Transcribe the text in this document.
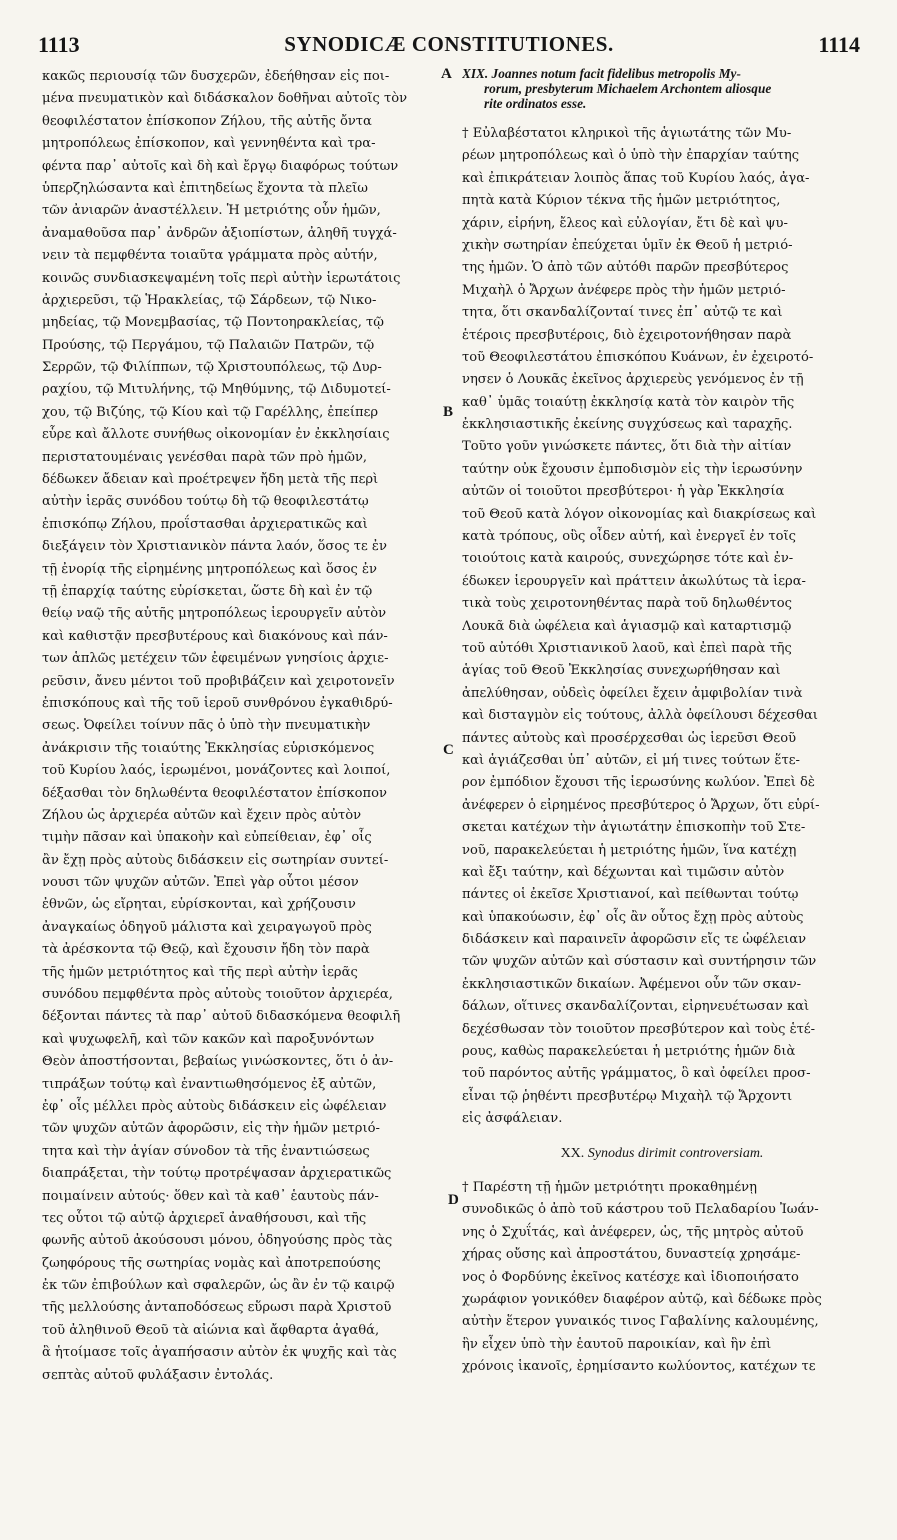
1113	SYNODICÆ CONSTITUTIONES.	1114
κακῶς περιουσίᾳ τῶν δυσχερῶν, ἐδεήθησαν εἰς ποι-
μένα πνευματικὸν καὶ διδάσκαλον δοθῆναι αὐτοῖς τὸν
θεοφιλέστατον ἐπίσκοπον Ζήλου, τῆς αὐτῆς ὄντα
μητροπόλεως ἐπίσκοπον, καὶ γεννηθέντα καὶ τρα-
φέντα παρ᾽ αὐτοῖς καὶ δὴ καὶ ἔργῳ διαφόρως τούτων
ὑπερζηλώσαντα καὶ ἐπιτηδείως ἔχοντα τὰ πλεῖω
τῶν ἀνιαρῶν ἀναστέλλειν. Ἡ μετριότης οὖν ἡμῶν,
ἀναμαθοῦσα παρ᾽ ἀνδρῶν ἀξιοπίστων, ἀληθῆ τυγχά-
νειν τὰ πεμφθέντα τοιαῦτα γράμματα πρὸς αὐτήν,
κοινῶς συνδιασκεψαμένη τοῖς περὶ αὐτὴν ἱερωτάτοις
ἀρχιερεῦσι, τῷ Ἡρακλείας, τῷ Σάρδεων, τῷ Νικο-
μηδείας, τῷ Μονεμβασίας, τῷ Ποντοηρακλείας, τῷ
Προύσης, τῷ Περγάμου, τῷ Παλαιῶν Πατρῶν, τῷ
Σερρῶν, τῷ Φιλίππων, τῷ Χριστουπόλεως, τῷ Δυρ-
ραχίου, τῷ Μιτυλήνης, τῷ Μηθύμνης, τῷ Διδυμοτεί-
χου, τῷ Βιζύης, τῷ Κίου καὶ τῷ Γαρέλλης, ἐπείπερ
εὗρε καὶ ἄλλοτε συνήθως οἰκονομίαν ἐν ἐκκλησίαις
περιστατουμέναις γενέσθαι παρὰ τῶν πρὸ ἡμῶν,
δέδωκεν ἄδειαν καὶ προέτρεψεν ἤδη μετὰ τῆς περὶ
αὐτὴν ἱερᾶς συνόδου τούτῳ δὴ τῷ θεοφιλεστάτῳ
ἐπισκόπῳ Ζήλου, προΐστασθαι ἀρχιερατικῶς καὶ
διεξάγειν τὸν Χριστιανικὸν πάντα λαόν, ὅσος τε ἐν
τῇ ἐνορίᾳ τῆς εἰρημένης μητροπόλεως καὶ ὅσος ἐν
τῇ ἐπαρχίᾳ ταύτης εὑρίσκεται, ὥστε δὴ καὶ ἐν τῷ
θείῳ ναῷ τῆς αὐτῆς μητροπόλεως ἱερουργεῖν αὐτὸν
καὶ καθιστᾷν πρεσβυτέρους καὶ διακόνους καὶ πάν-
των ἁπλῶς μετέχειν τῶν ἐφειμένων γνησίοις ἀρχιε-
ρεῦσιν, ἄνευ μέντοι τοῦ προβιβάζειν καὶ χειροτονεῖν
ἐπισκόπους καὶ τῆς τοῦ ἱεροῦ συνθρόνου ἐγκαθιδρύ-
σεως. Ὀφείλει τοίνυν πᾶς ὁ ὑπὸ τὴν πνευματικὴν
ἀνάκρισιν τῆς τοιαύτης Ἐκκλησίας εὑρισκόμενος
τοῦ Κυρίου λαός, ἱερωμένοι, μονάζοντες καὶ λοιποί,
δέξασθαι τὸν δηλωθέντα θεοφιλέστατον ἐπίσκοπον
Ζήλου ὡς ἀρχιερέα αὐτῶν καὶ ἔχειν πρὸς αὐτὸν
τιμὴν πᾶσαν καὶ ὑπακοὴν καὶ εὐπείθειαν, ἐφ᾽ οἷς
ἂν ἔχῃ πρὸς αὐτοὺς διδάσκειν εἰς σωτηρίαν συντεί-
νουσι τῶν ψυχῶν αὐτῶν. Ἐπεὶ γὰρ οὗτοι μέσον
ἐθνῶν, ὡς εἴρηται, εὑρίσκονται, καὶ χρήζουσιν
ἀναγκαίως ὁδηγοῦ μάλιστα καὶ χειραγωγοῦ πρὸς
τὰ ἀρέσκοντα τῷ Θεῷ, καὶ ἔχουσιν ἤδη τὸν παρὰ
τῆς ἡμῶν μετριότητος καὶ τῆς περὶ αὐτὴν ἱερᾶς
συνόδου πεμφθέντα πρὸς αὐτοὺς τοιοῦτον ἀρχιερέα,
δέξονται πάντες τὰ παρ᾽ αὐτοῦ διδασκόμενα θεοφιλῆ
καὶ ψυχωφελῆ, καὶ τῶν κακῶν καὶ παροξυνόντων
Θεὸν ἀποστήσονται, βεβαίως γινώσκοντες, ὅτι ὁ ἀν-
τιπράξων τούτῳ καὶ ἐναντιωθησόμενος ἐξ αὐτῶν,
ἐφ᾽ οἷς μέλλει πρὸς αὐτοὺς διδάσκειν εἰς ὠφέλειαν
τῶν ψυχῶν αὐτῶν ἀφορῶσιν, εἰς τὴν ἡμῶν μετριό-
τητα καὶ τὴν ἁγίαν σύνοδον τὰ τῆς ἐναντιώσεως
διαπράξεται, τὴν τούτῳ προτρέψασαν ἀρχιερατικῶς
ποιμαίνειν αὐτούς· ὅθεν καὶ τὰ καθ᾽ ἑαυτοὺς πάν-
τες οὗτοι τῷ αὐτῷ ἀρχιερεῖ ἀναθήσουσι, καὶ τῆς
φωνῆς αὐτοῦ ἀκούσουσι μόνου, ὁδηγούσης πρὸς τὰς
ζωηφόρους τῆς σωτηρίας νομὰς καὶ ἀποτρεπούσης
ἐκ τῶν ἐπιβούλων καὶ σφαλερῶν, ὡς ἂν ἐν τῷ καιρῷ
τῆς μελλούσης ἀνταποδόσεως εὕρωσι παρὰ Χριστοῦ
τοῦ ἀληθινοῦ Θεοῦ τὰ αἰώνια καὶ ἄφθαρτα ἀγαθά,
ἃ ἡτοίμασε τοῖς ἀγαπήσασιν αὐτὸν ἐκ ψυχῆς καὶ τὰς
σεπτὰς αὐτοῦ φυλάξασιν ἐντολάς.
XIX. Joannes notum facit fidelibus metropolis My-
rorum, presbyterum Michaelem Archontem aliosque
rite ordinatos esse.
† Εὐλαβέστατοι κληρικοὶ τῆς ἁγιωτάτης τῶν Μυ-
ρέων μητροπόλεως καὶ ὁ ὑπὸ τὴν ἐπαρχίαν ταύτης
καὶ ἐπικράτειαν λοιπὸς ἅπας τοῦ Κυρίου λαός, ἀγα-
πητὰ κατὰ Κύριον τέκνα τῆς ἡμῶν μετριότητος,
χάριν, εἰρήνη, ἔλεος καὶ εὐλογίαν, ἔτι δὲ καὶ ψυ-
χικὴν σωτηρίαν ἐπεύχεται ὑμῖν ἐκ Θεοῦ ἡ μετριό-
της ἡμῶν. Ὁ ἀπὸ τῶν αὐτόθι παρῶν πρεσβύτερος
Μιχαὴλ ὁ Ἄρχων ἀνέφερε πρὸς τὴν ἡμῶν μετριό-
τητα, ὅτι σκανδαλίζονταί τινες ἐπ᾽ αὐτῷ τε καὶ
ἑτέροις πρεσβυτέροις, διὸ ἐχειροτονήθησαν παρὰ
τοῦ Θεοφιλεστάτου ἐπισκόπου Κυάνων, ἐν ἐχειροτό-
νησεν ὁ Λουκᾶς ἐκεῖνος ἀρχιερεὺς γενόμενος ἐν τῇ
καθ᾽ ὑμᾶς τοιαύτῃ ἐκκλησίᾳ κατὰ τὸν καιρὸν τῆς
ἐκκλησιαστικῆς ἐκείνης συγχύσεως καὶ ταραχῆς.
Τοῦτο γοῦν γινώσκετε πάντες, ὅτι διὰ τὴν αἰτίαν
ταύτην οὐκ ἔχουσιν ἐμποδισμὸν εἰς τὴν ἱερωσύνην
αὐτῶν οἱ τοιοῦτοι πρεσβύτεροι· ἡ γὰρ Ἐκκλησία
τοῦ Θεοῦ κατὰ λόγον οἰκονομίας καὶ διακρίσεως καὶ
κατὰ τρόπους, οὓς οἶδεν αὐτή, καὶ ἐνεργεῖ ἐν τοῖς
τοιούτοις κατὰ καιρούς, συνεχώρησε τότε καὶ ἐν-
έδωκεν ἱερουργεῖν καὶ πράττειν ἀκωλύτως τὰ ἱερα-
τικὰ τοὺς χειροτονηθέντας παρὰ τοῦ δηλωθέντος
Λουκᾶ διὰ ὠφέλεια καὶ ἁγιασμῷ καὶ καταρτισμῷ
τοῦ αὐτόθι Χριστιανικοῦ λαοῦ, καὶ ἐπεὶ παρὰ τῆς
ἁγίας τοῦ Θεοῦ Ἐκκλησίας συνεχωρήθησαν καὶ
ἀπελύθησαν, οὐδεὶς ὀφείλει ἔχειν ἀμφιβολίαν τινὰ
καὶ δισταγμὸν εἰς τούτους, ἀλλὰ ὀφείλουσι δέχεσθαι
πάντες αὐτοὺς καὶ προσέρχεσθαι ὡς ἱερεῦσι Θεοῦ
καὶ ἁγιάζεσθαι ὑπ᾽ αὐτῶν, εἰ μή τινες τούτων ἕτε-
ρον ἐμπόδιον ἔχουσι τῆς ἱερωσύνης κωλύον. Ἐπεὶ δὲ
ἀνέφερεν ὁ εἰρημένος πρεσβύτερος ὁ Ἄρχων, ὅτι εὑρί-
σκεται κατέχων τὴν ἁγιωτάτην ἐπισκοπὴν τοῦ Στε-
νοῦ, παρακελεύεται ἡ μετριότης ἡμῶν, ἵνα κατέχῃ
καὶ ἔξι ταύτην, καὶ δέχωνται καὶ τιμῶσιν αὐτὸν
πάντες οἱ ἐκεῖσε Χριστιανοί, καὶ πείθωνται τούτῳ
καὶ ὑπακούωσιν, ἐφ᾽ οἷς ἂν οὗτος ἔχῃ πρὸς αὐτοὺς
διδάσκειν καὶ παραινεῖν ἀφορῶσιν εἴς τε ὠφέλειαν
τῶν ψυχῶν αὐτῶν καὶ σύστασιν καὶ συντήρησιν τῶν
ἐκκλησιαστικῶν δικαίων. Ἀφέμενοι οὖν τῶν σκαν-
δάλων, οἵτινες σκανδαλίζονται, εἰρηνευέτωσαν καὶ
δεχέσθωσαν τὸν τοιοῦτον πρεσβύτερον καὶ τοὺς ἑτέ-
ρους, καθὼς παρακελεύεται ἡ μετριότης ἡμῶν διὰ
τοῦ παρόντος αὐτῆς γράμματος, ὃ καὶ ὀφείλει προσ-
εἶναι τῷ ῥηθέντι πρεσβυτέρῳ Μιχαὴλ τῷ Ἄρχοντι
εἰς ἀσφάλειαν.
XX. Synodus dirimit controversiam.
† Παρέστη τῇ ἡμῶν μετριότητι προκαθημένῃ
συνοδικῶς ὁ ἀπὸ τοῦ κάστρου τοῦ Πελαδαρίου Ἰωάν-
νης ὁ Σχυΐτάς, καὶ ἀνέφερεν, ὡς, τῆς μητρὸς αὐτοῦ
χήρας οὔσης καὶ ἀπροστάτου, δυναστείᾳ χρησάμε-
νος ὁ Φορδύνης ἐκεῖνος κατέσχε καὶ ἰδιοποιήσατο
χωράφιον γονικόθεν διαφέρον αὐτῷ, καὶ δέδωκε πρὸς
αὐτὴν ἕτερον γυναικός τινος Γαβαλίνης καλουμένης,
ἣν εἶχεν ὑπὸ τὴν ἑαυτοῦ παροικίαν, καὶ ἣν ἐπὶ
χρόνοις ἱκανοῖς, ἐρημίσαντο κωλύοντος, κατέχων τε
A
B
C
D
